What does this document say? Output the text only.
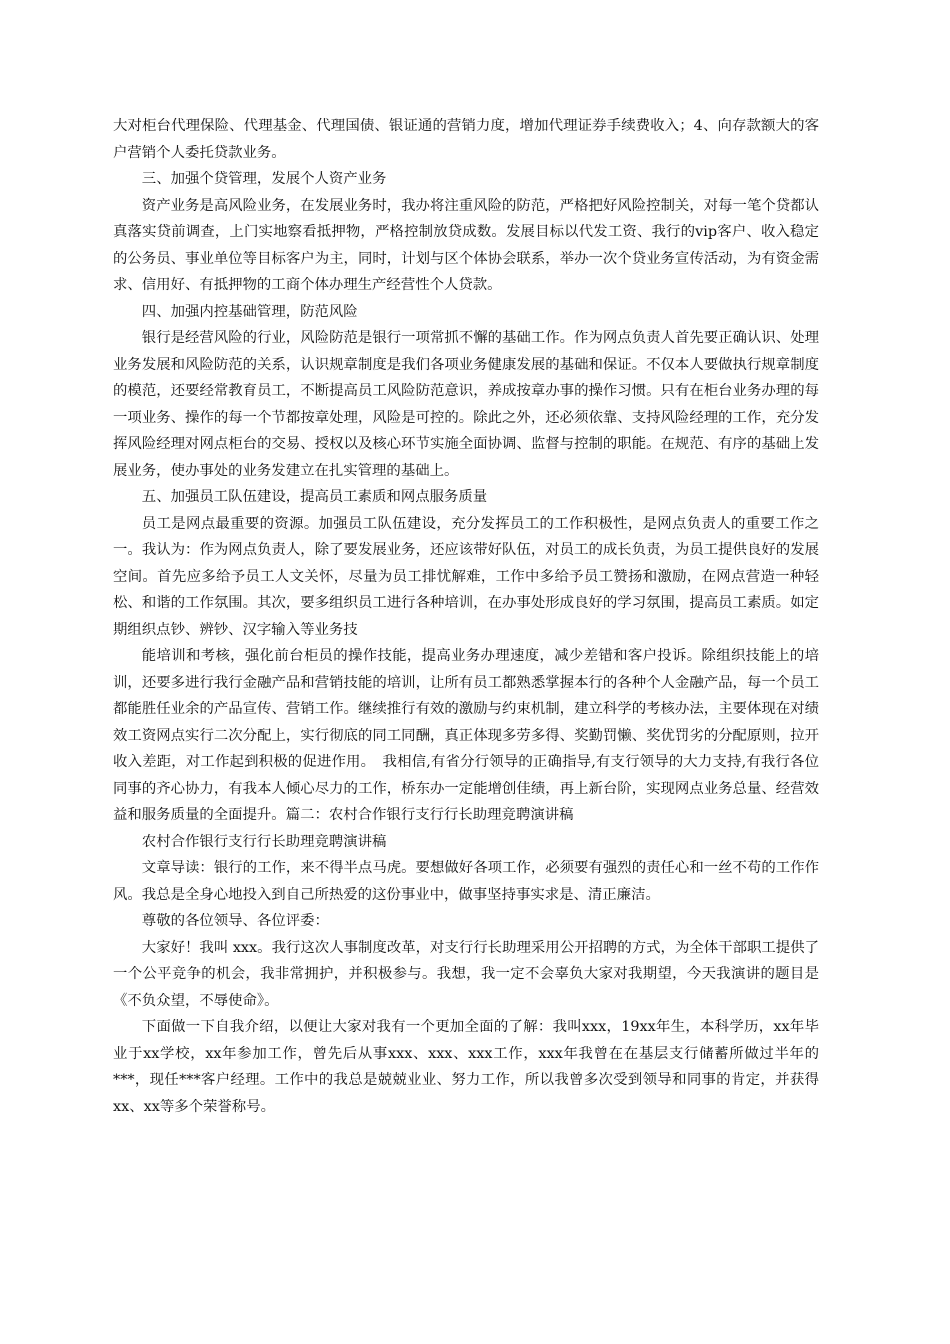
大对柜台代理保险、代理基金、代理国债、银证通的营销力度，增加代理证券手续费收入；4、向存款额大的客户营销个人委托贷款业务。

三、加强个贷管理，发展个人资产业务

资产业务是高风险业务，在发展业务时，我办将注重风险的防范，严格把好风险控制关，对每一笔个贷都认真落实贷前调查，上门实地察看抵押物，严格控制放贷成数。发展目标以代发工资、我行的vip客户、收入稳定的公务员、事业单位等目标客户为主，同时，计划与区个体协会联系，举办一次个贷业务宣传活动，为有资金需求、信用好、有抵押物的工商个体办理生产经营性个人贷款。

四、加强内控基础管理，防范风险

银行是经营风险的行业，风险防范是银行一项常抓不懈的基础工作。作为网点负责人首先要正确认识、处理业务发展和风险防范的关系，认识规章制度是我们各项业务健康发展的基础和保证。不仅本人要做执行规章制度的模范，还要经常教育员工，不断提高员工风险防范意识，养成按章办事的操作习惯。只有在柜台业务办理的每一项业务、操作的每一个节都按章处理，风险是可控的。除此之外，还必须依靠、支持风险经理的工作，充分发挥风险经理对网点柜台的交易、授权以及核心环节实施全面协调、监督与控制的职能。在规范、有序的基础上发展业务，使办事处的业务发建立在扎实管理的基础上。

五、加强员工队伍建设，提高员工素质和网点服务质量

员工是网点最重要的资源。加强员工队伍建设，充分发挥员工的工作积极性，是网点负责人的重要工作之一。我认为：作为网点负责人，除了要发展业务，还应该带好队伍，对员工的成长负责，为员工提供良好的发展空间。首先应多给予员工人文关怀，尽量为员工排忧解难，工作中多给予员工赞扬和激励，在网点营造一种轻松、和谐的工作氛围。其次，要多组织员工进行各种培训，在办事处形成良好的学习氛围，提高员工素质。如定期组织点钞、辨钞、汉字输入等业务技

能培训和考核，强化前台柜员的操作技能，提高业务办理速度，减少差错和客户投诉。除组织技能上的培训，还要多进行我行金融产品和营销技能的培训，让所有员工都熟悉掌握本行的各种个人金融产品，每一个员工都能胜任业余的产品宣传、营销工作。继续推行有效的激励与约束机制，建立科学的考核办法，主要体现在对绩效工资网点实行二次分配上，实行彻底的同工同酬，真正体现多劳多得、奖勤罚懒、奖优罚劣的分配原则，拉开收入差距，对工作起到积极的促进作用。　我相信,有省分行领导的正确指导,有支行领导的大力支持,有我行各位同事的齐心协力，有我本人倾心尽力的工作，桥东办一定能增创佳绩，再上新台阶，实现网点业务总量、经营效益和服务质量的全面提升。篇二：农村合作银行支行行长助理竞聘演讲稿

农村合作银行支行行长助理竞聘演讲稿

文章导读：银行的工作，来不得半点马虎。要想做好各项工作，必须要有强烈的责任心和一丝不苟的工作作风。我总是全身心地投入到自己所热爱的这份事业中，做事坚持事实求是、清正廉洁。

尊敬的各位领导、各位评委：

大家好！我叫 xxx。我行这次人事制度改革，对支行行长助理采用公开招聘的方式，为全体干部职工提供了一个公平竞争的机会，我非常拥护，并积极参与。我想，我一定不会辜负大家对我期望，今天我演讲的题目是《不负众望，不辱使命》。

下面做一下自我介绍，以便让大家对我有一个更加全面的了解：我叫xxx，19xx年生，本科学历，xx年毕业于xx学校，xx年参加工作，曾先后从事xxx、xxx、xxx工作，xxx年我曾在在基层支行储蓄所做过半年的***，现任***客户经理。工作中的我总是兢兢业业、努力工作，所以我曾多次受到领导和同事的肯定，并获得xx、xx等多个荣誉称号。
